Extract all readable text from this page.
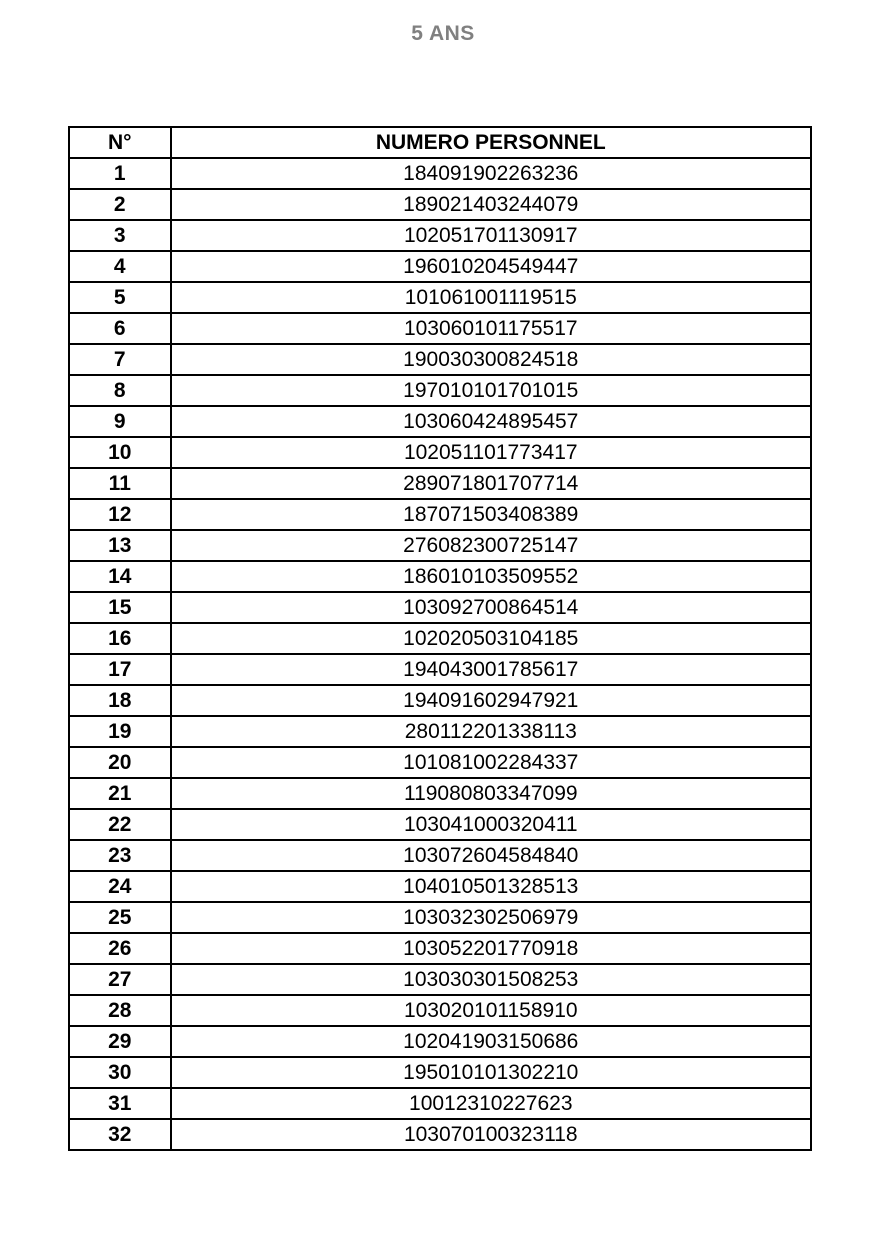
5 ANS
N°	NUMERO PERSONNEL
1	184091902263236
2	189021403244079
3	102051701130917
4	196010204549447
5	101061001119515
6	103060101175517
7	190030300824518
8	197010101701015
9	103060424895457
10	102051101773417
11	289071801707714
12	187071503408389
13	276082300725147
14	186010103509552
15	103092700864514
16	102020503104185
17	194043001785617
18	194091602947921
19	280112201338113
20	101081002284337
21	119080803347099
22	103041000320411
23	103072604584840
24	104010501328513
25	103032302506979
26	103052201770918
27	103030301508253
28	103020101158910
29	102041903150686
30	195010101302210
31	10012310227623
32	103070100323118
